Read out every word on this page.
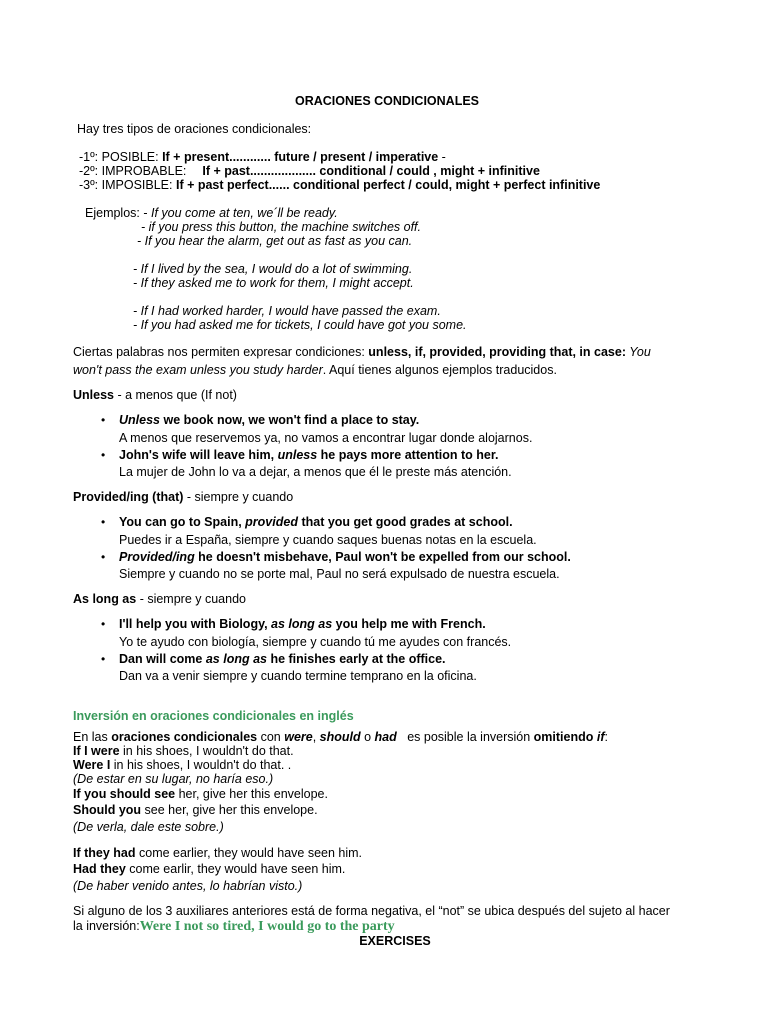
ORACIONES CONDICIONALES
Hay tres tipos de oraciones condicionales:
-1º: POSIBLE: If + present............ future / present / imperative -
-2º: IMPROBABLE: If + past................... conditional / could , might + infinitive
-3º: IMPOSIBLE: If + past perfect...... conditional perfect / could, might + perfect infinitive
Ejemplos: - If you come at ten, we´ll be ready.
- if you press this button, the machine switches off.
- If you hear the alarm, get out as fast as you can.
- If I lived by the sea, I would do a lot of swimming.
- If they asked me to work for them, I might accept.
- If I had worked harder, I would have passed the exam.
- If you had asked me for tickets, I could have got you some.
Ciertas palabras nos permiten expresar condiciones: unless, if, provided, providing that, in case: You
won't pass the exam unless you study harder. Aquí tienes algunos ejemplos traducidos.
Unless - a menos que (If not)
• Unless we book now, we won't find a place to stay.
A menos que reservemos ya, no vamos a encontrar lugar donde alojarnos.
• John's wife will leave him, unless he pays more attention to her.
La mujer de John lo va a dejar, a menos que él le preste más atención.
Provided/ing (that) - siempre y cuando
• You can go to Spain, provided that you get good grades at school.
Puedes ir a España, siempre y cuando saques buenas notas en la escuela.
• Provided/ing he doesn't misbehave, Paul won't be expelled from our school.
Siempre y cuando no se porte mal, Paul no será expulsado de nuestra escuela.
As long as - siempre y cuando
• I'll help you with Biology, as long as you help me with French.
Yo te ayudo con biología, siempre y cuando tú me ayudes con francés.
• Dan will come as long as he finishes early at the office.
Dan va a venir siempre y cuando termine temprano en la oficina.
Inversión en oraciones condicionales en inglés
En las oraciones condicionales con were, should o had   es posible la inversión omitiendo if:
If I were in his shoes, I wouldn't do that.
Were I in his shoes, I wouldn't do that. .
(De estar en su lugar, no haría eso.)
If you should see her, give her this envelope.
Should you see her, give her this envelope.
(De verla, dale este sobre.)
If they had come earlier, they would have seen him.
Had they come earlir, they would have seen him.
(De haber venido antes, lo habrían visto.)
Si alguno de los 3 auxiliares anteriores está de forma negativa, el “not” se ubica después del sujeto al hacer
la inversión:Were I not so tired, I would go to the party
EXERCISES
